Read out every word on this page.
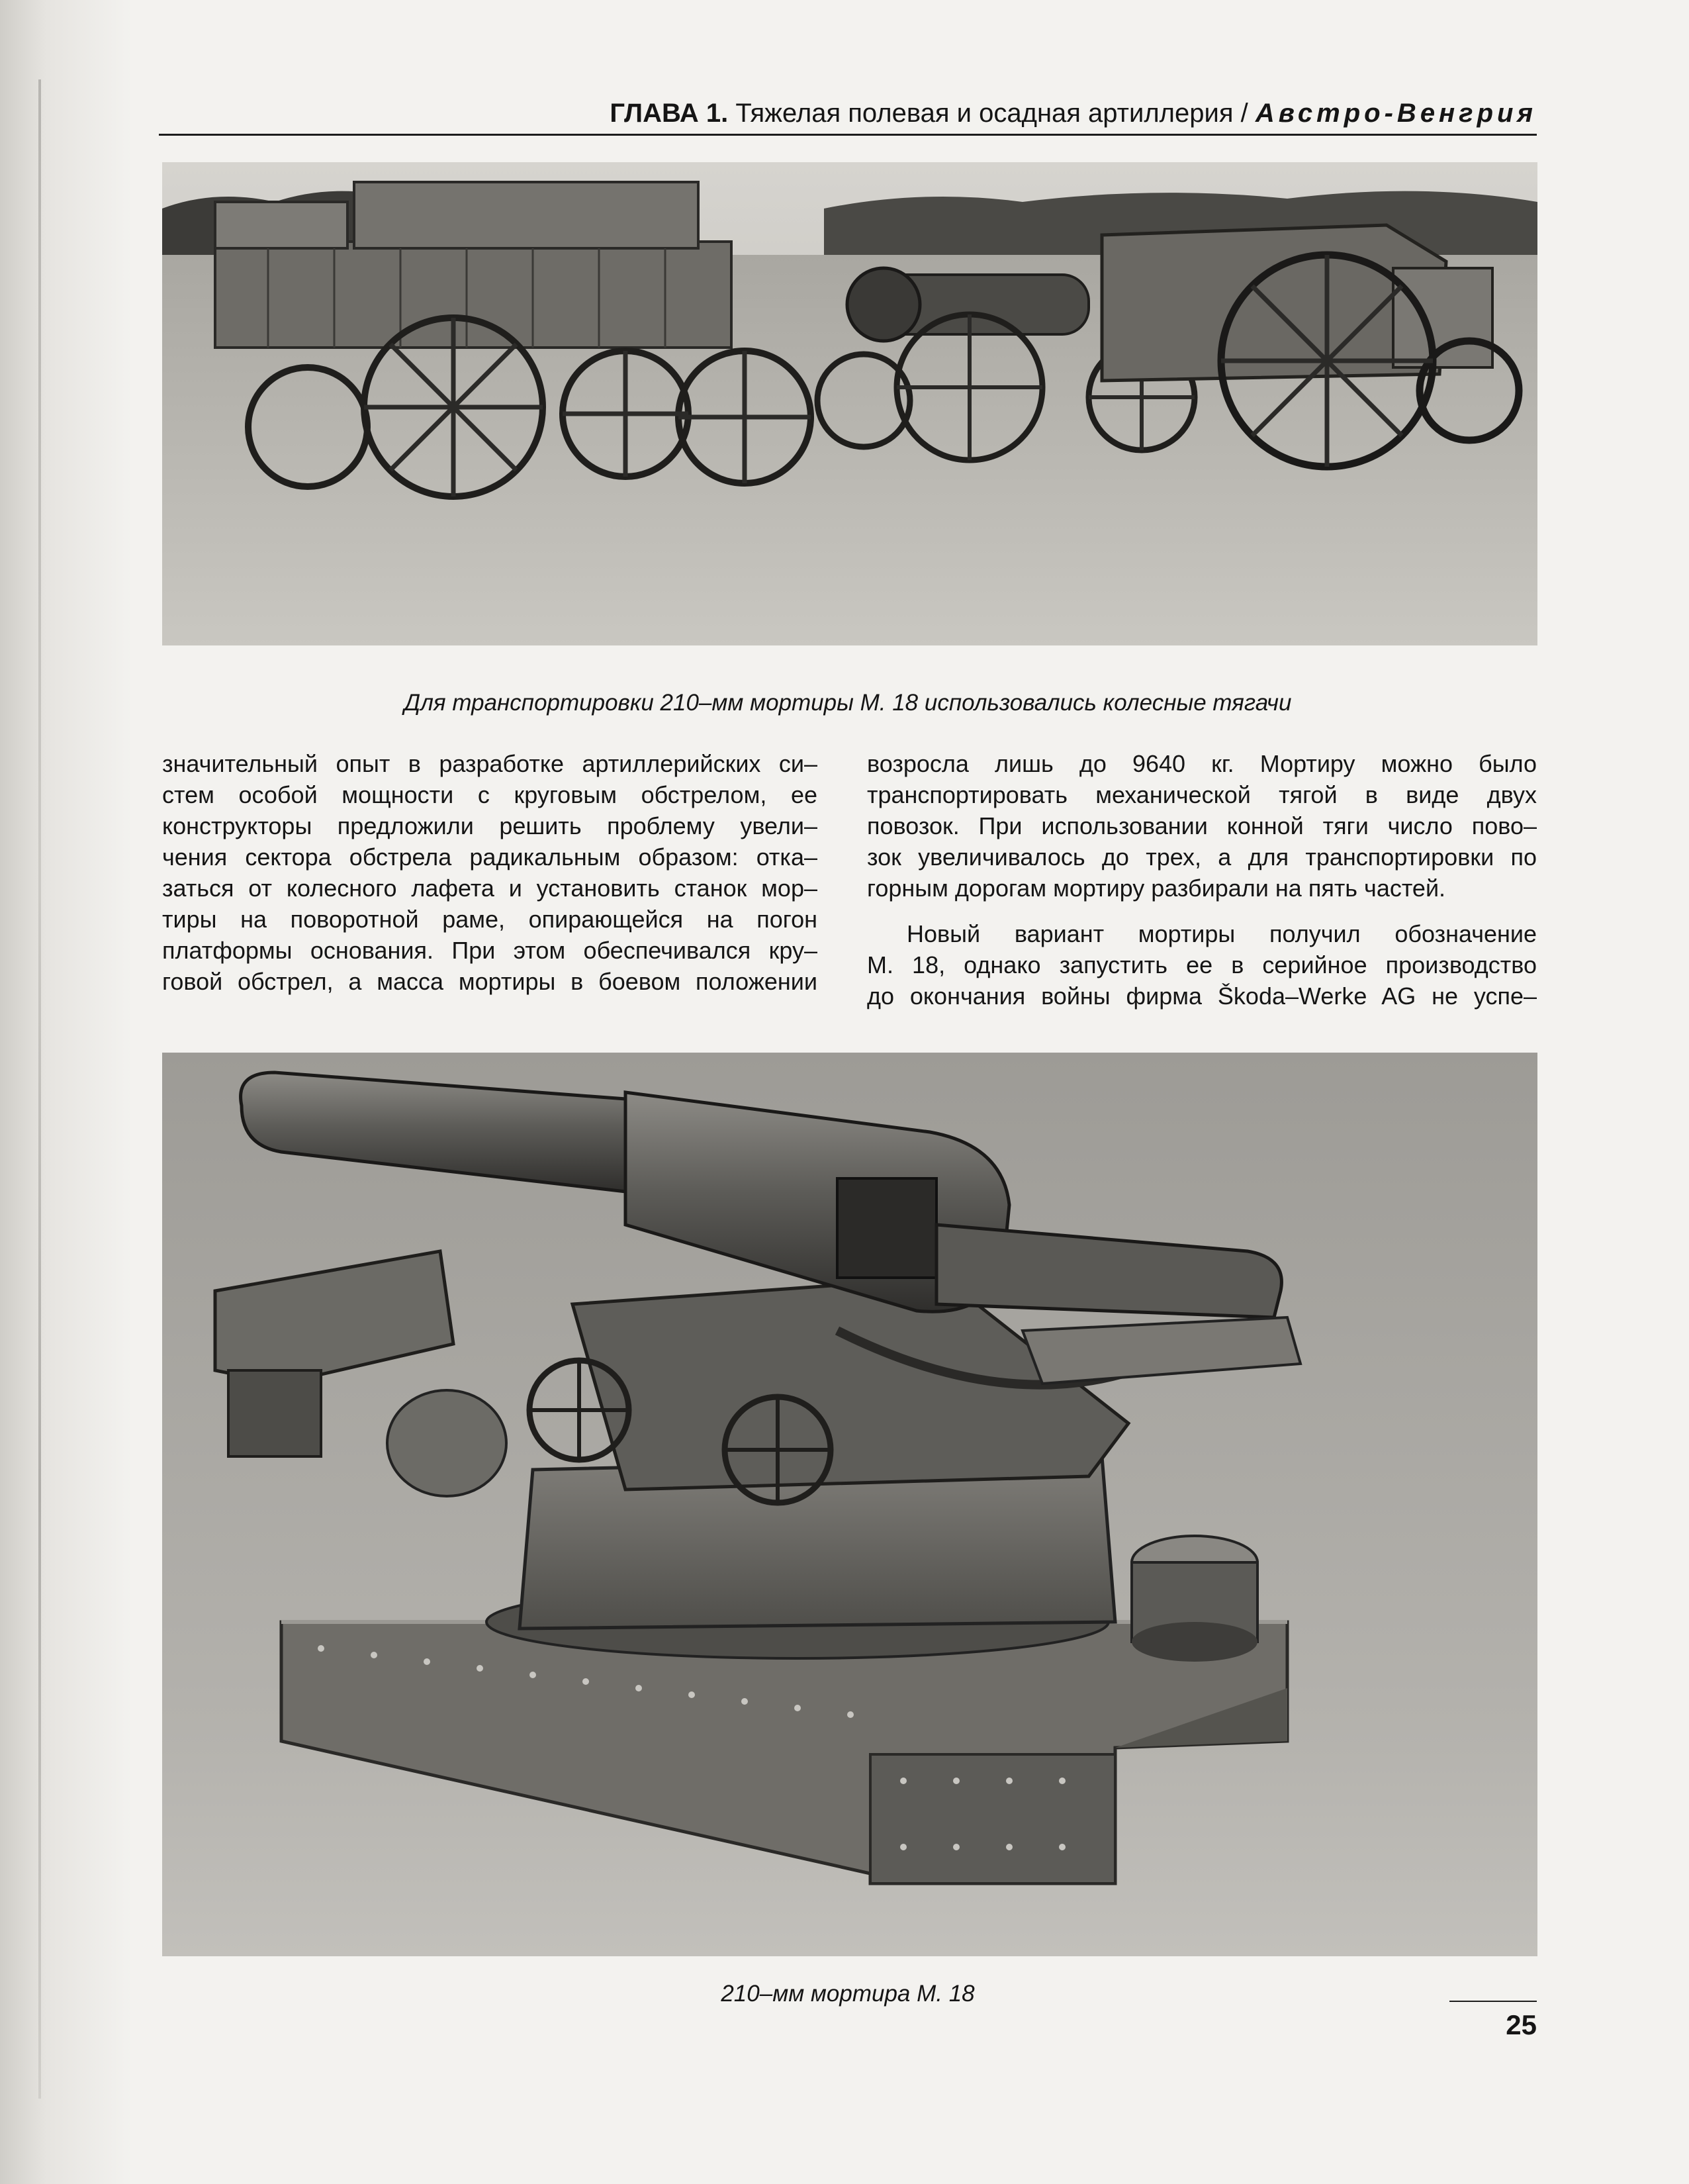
ГЛАВА 1. Тяжелая полевая и осадная артиллерия / Австро-Венгрия
Для транспортировки 210–мм мортиры М. 18 использовались колесные тягачи

значительный опыт в разработке артиллерийских си–

стем особой мощности с круговым обстрелом, ее

конструкторы предложили решить проблему увели–

чения сектора обстрела радикальным образом: отка–

заться от колесного лафета и установить станок мор–

тиры на поворотной раме, опирающейся на погон

платформы основания. При этом обеспечивался кру–

говой обстрел, а масса мортиры в боевом положении

возросла лишь до 9640 кг. Мортиру можно было

транспортировать механической тягой в виде двух

повозок. При использовании конной тяги число пово–

зок увеличивалось до трех, а для транспортировки по

горным дорогам мортиру разбирали на пять частей.

Новый вариант мортиры получил обозначение

М. 18, однако запустить ее в серийное производство

до окончания войны фирма Škoda–Werke AG не успе–

210–мм мортира М. 18
25
